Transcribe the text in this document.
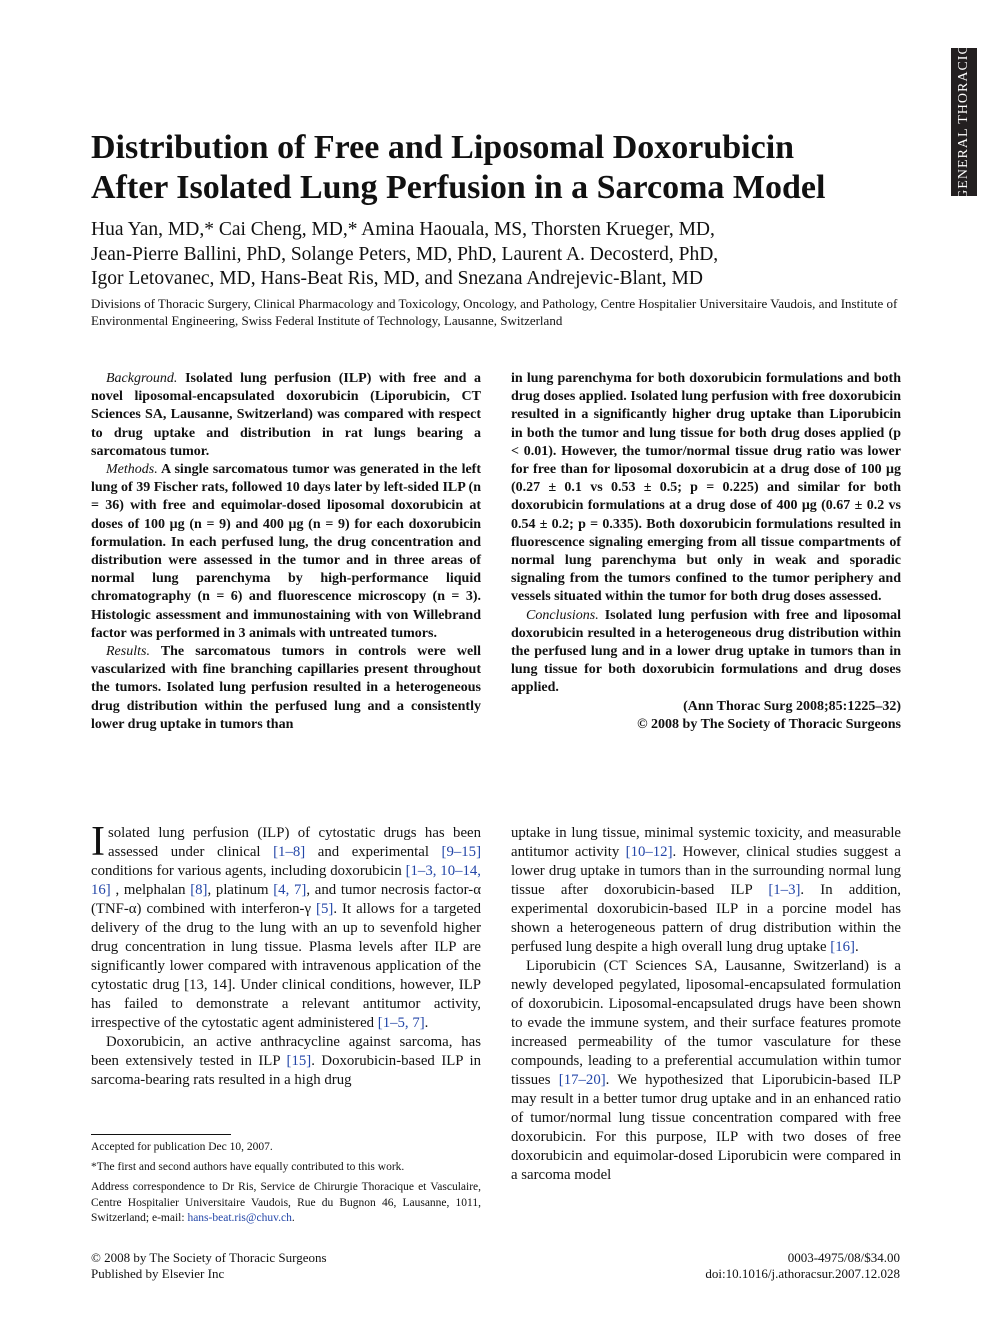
GENERAL THORACIC
Distribution of Free and Liposomal Doxorubicin
After Isolated Lung Perfusion in a Sarcoma Model
Hua Yan, MD,* Cai Cheng, MD,* Amina Haouala, MS, Thorsten Krueger, MD,
Jean-Pierre Ballini, PhD, Solange Peters, MD, PhD, Laurent A. Decosterd, PhD,
Igor Letovanec, MD, Hans-Beat Ris, MD, and Snezana Andrejevic-Blant, MD
Divisions of Thoracic Surgery, Clinical Pharmacology and Toxicology, Oncology, and Pathology, Centre Hospitalier Universitaire Vaudois, and Institute of Environmental Engineering, Swiss Federal Institute of Technology, Lausanne, Switzerland

Background. Isolated lung perfusion (ILP) with free and a novel liposomal-encapsulated doxorubicin (Liporubicin, CT Sciences SA, Lausanne, Switzerland) was compared with respect to drug uptake and distribution in rat lungs bearing a sarcomatous tumor.

Methods. A single sarcomatous tumor was generated in the left lung of 39 Fischer rats, followed 10 days later by left-sided ILP (n = 36) with free and equimolar-dosed liposomal doxorubicin at doses of 100 μg (n = 9) and 400 μg (n = 9) for each doxorubicin formulation. In each perfused lung, the drug concentration and distribution were assessed in the tumor and in three areas of normal lung parenchyma by high-performance liquid chromatography (n = 6) and fluorescence microscopy (n = 3). Histologic assessment and immunostaining with von Willebrand factor was performed in 3 animals with untreated tumors.

Results. The sarcomatous tumors in controls were well vascularized with fine branching capillaries present throughout the tumors. Isolated lung perfusion resulted in a heterogeneous drug distribution within the perfused lung and a consistently lower drug uptake in tumors than

in lung parenchyma for both doxorubicin formulations and both drug doses applied. Isolated lung perfusion with free doxorubicin resulted in a significantly higher drug uptake than Liporubicin in both the tumor and lung tissue for both drug doses applied (p < 0.01). However, the tumor/normal tissue drug ratio was lower for free than for liposomal doxorubicin at a drug dose of 100 μg (0.27 ± 0.1 vs 0.53 ± 0.5; p = 0.225) and similar for both doxorubicin formulations at a drug dose of 400 μg (0.67 ± 0.2 vs 0.54 ± 0.2; p = 0.335). Both doxorubicin formulations resulted in fluorescence signaling emerging from all tissue compartments of normal lung parenchyma but only in weak and sporadic signaling from the tumors confined to the tumor periphery and vessels situated within the tumor for both drug doses assessed.

Conclusions. Isolated lung perfusion with free and liposomal doxorubicin resulted in a heterogeneous drug distribution within the perfused lung and in a lower drug uptake in tumors than in lung tissue for both doxorubicin formulations and drug doses applied.

(Ann Thorac Surg 2008;85:1225–32)

© 2008 by The Society of Thoracic Surgeons

Isolated lung perfusion (ILP) of cytostatic drugs has been assessed under clinical [1–8] and experimental [9–15] conditions for various agents, including doxorubicin [1–3, 10–14, 16] , melphalan [8], platinum [4, 7], and tumor necrosis factor-α (TNF-α) combined with interferon-γ [5]. It allows for a targeted delivery of the drug to the lung with an up to sevenfold higher drug concentration in lung tissue. Plasma levels after ILP are significantly lower compared with intravenous application of the cytostatic drug [13, 14]. Under clinical conditions, however, ILP has failed to demonstrate a relevant antitumor activity, irrespective of the cytostatic agent administered [1–5, 7].

Doxorubicin, an active anthracycline against sarcoma, has been extensively tested in ILP [15]. Doxorubicin-based ILP in sarcoma-bearing rats resulted in a high drug

uptake in lung tissue, minimal systemic toxicity, and measurable antitumor activity [10–12]. However, clinical studies suggest a lower drug uptake in tumors than in the surrounding normal lung tissue after doxorubicin-based ILP [1–3]. In addition, experimental doxorubicin-based ILP in a porcine model has shown a heterogeneous pattern of drug distribution within the perfused lung despite a high overall lung drug uptake [16].

Liporubicin (CT Sciences SA, Lausanne, Switzerland) is a newly developed pegylated, liposomal-encapsulated formulation of doxorubicin. Liposomal-encapsulated drugs have been shown to evade the immune system, and their surface features promote increased permeability of the tumor vasculature for these compounds, leading to a preferential accumulation within tumor tissues [17–20]. We hypothesized that Liporubicin-based ILP may result in a better tumor drug uptake and in an enhanced ratio of tumor/normal lung tissue concentration compared with free doxorubicin. For this purpose, ILP with two doses of free doxorubicin and equimolar-dosed Liporubicin were compared in a sarcoma model

Accepted for publication Dec 10, 2007.

*The first and second authors have equally contributed to this work.

Address correspondence to Dr Ris, Service de Chirurgie Thoracique et Vasculaire, Centre Hospitalier Universitaire Vaudois, Rue du Bugnon 46, Lausanne, 1011, Switzerland; e-mail: hans-beat.ris@chuv.ch.

© 2008 by The Society of Thoracic Surgeons
Published by Elsevier Inc
0003-4975/08/$34.00
doi:10.1016/j.athoracsur.2007.12.028
